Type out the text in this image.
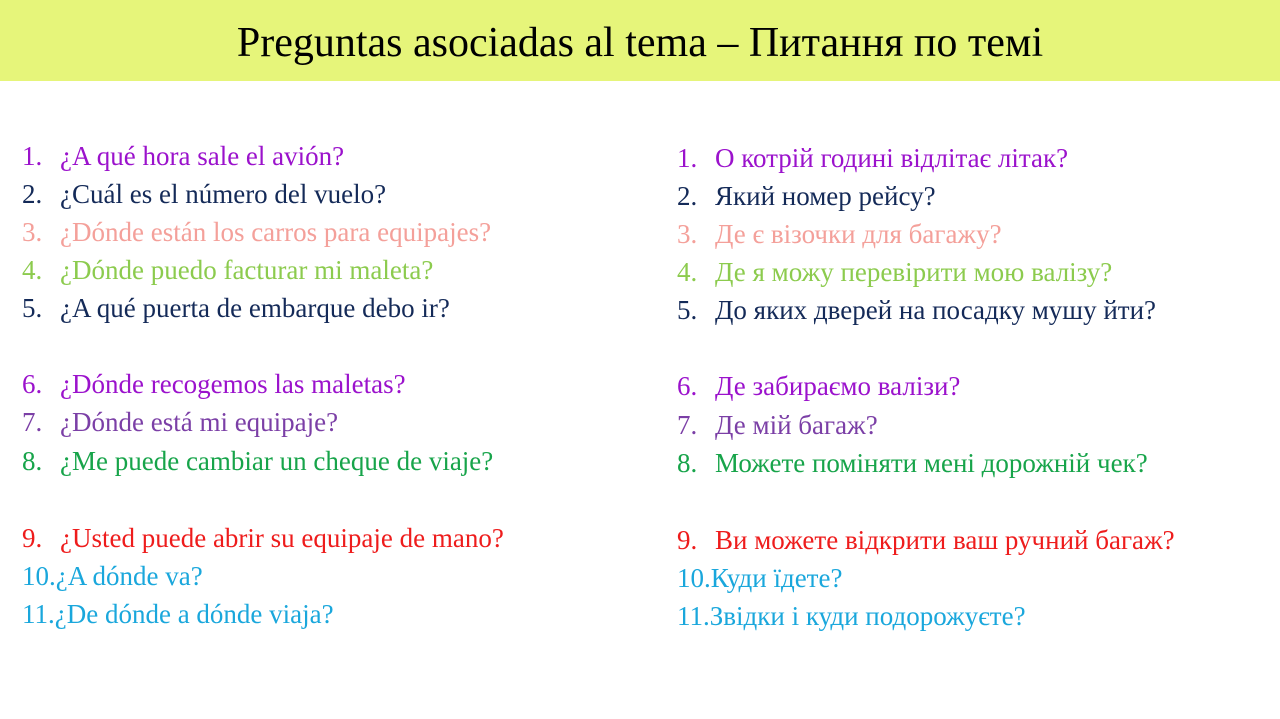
Preguntas asociadas al tema – Питання по темі
1. ¿A qué hora sale el avión?
2. ¿Cuál es el número del vuelo?
3. ¿Dónde están los carros para equipajes?
4. ¿Dónde puedo facturar mi maleta?
5. ¿A qué puerta de embarque debo ir?
6. ¿Dónde recogemos las maletas?
7. ¿Dónde está mi equipaje?
8. ¿Me puede cambiar un cheque de viaje?
9. ¿Usted puede abrir su equipaje de mano?
10.¿A dónde va?
11.¿De dónde a dónde viaja?
1. О котрій годині відлітає літак?
2. Який номер рейсу?
3. Де є візочки для багажу?
4. Де я можу перевірити мою валізу?
5. До яких дверей на посадку мушу йти?
6. Де забираємо валізи?
7. Де мій багаж?
8. Можете поміняти мені дорожній чек?
9. Ви можете відкрити ваш ручний багаж?
10.Куди їдете?
11.Звідки і куди подорожуєте?
